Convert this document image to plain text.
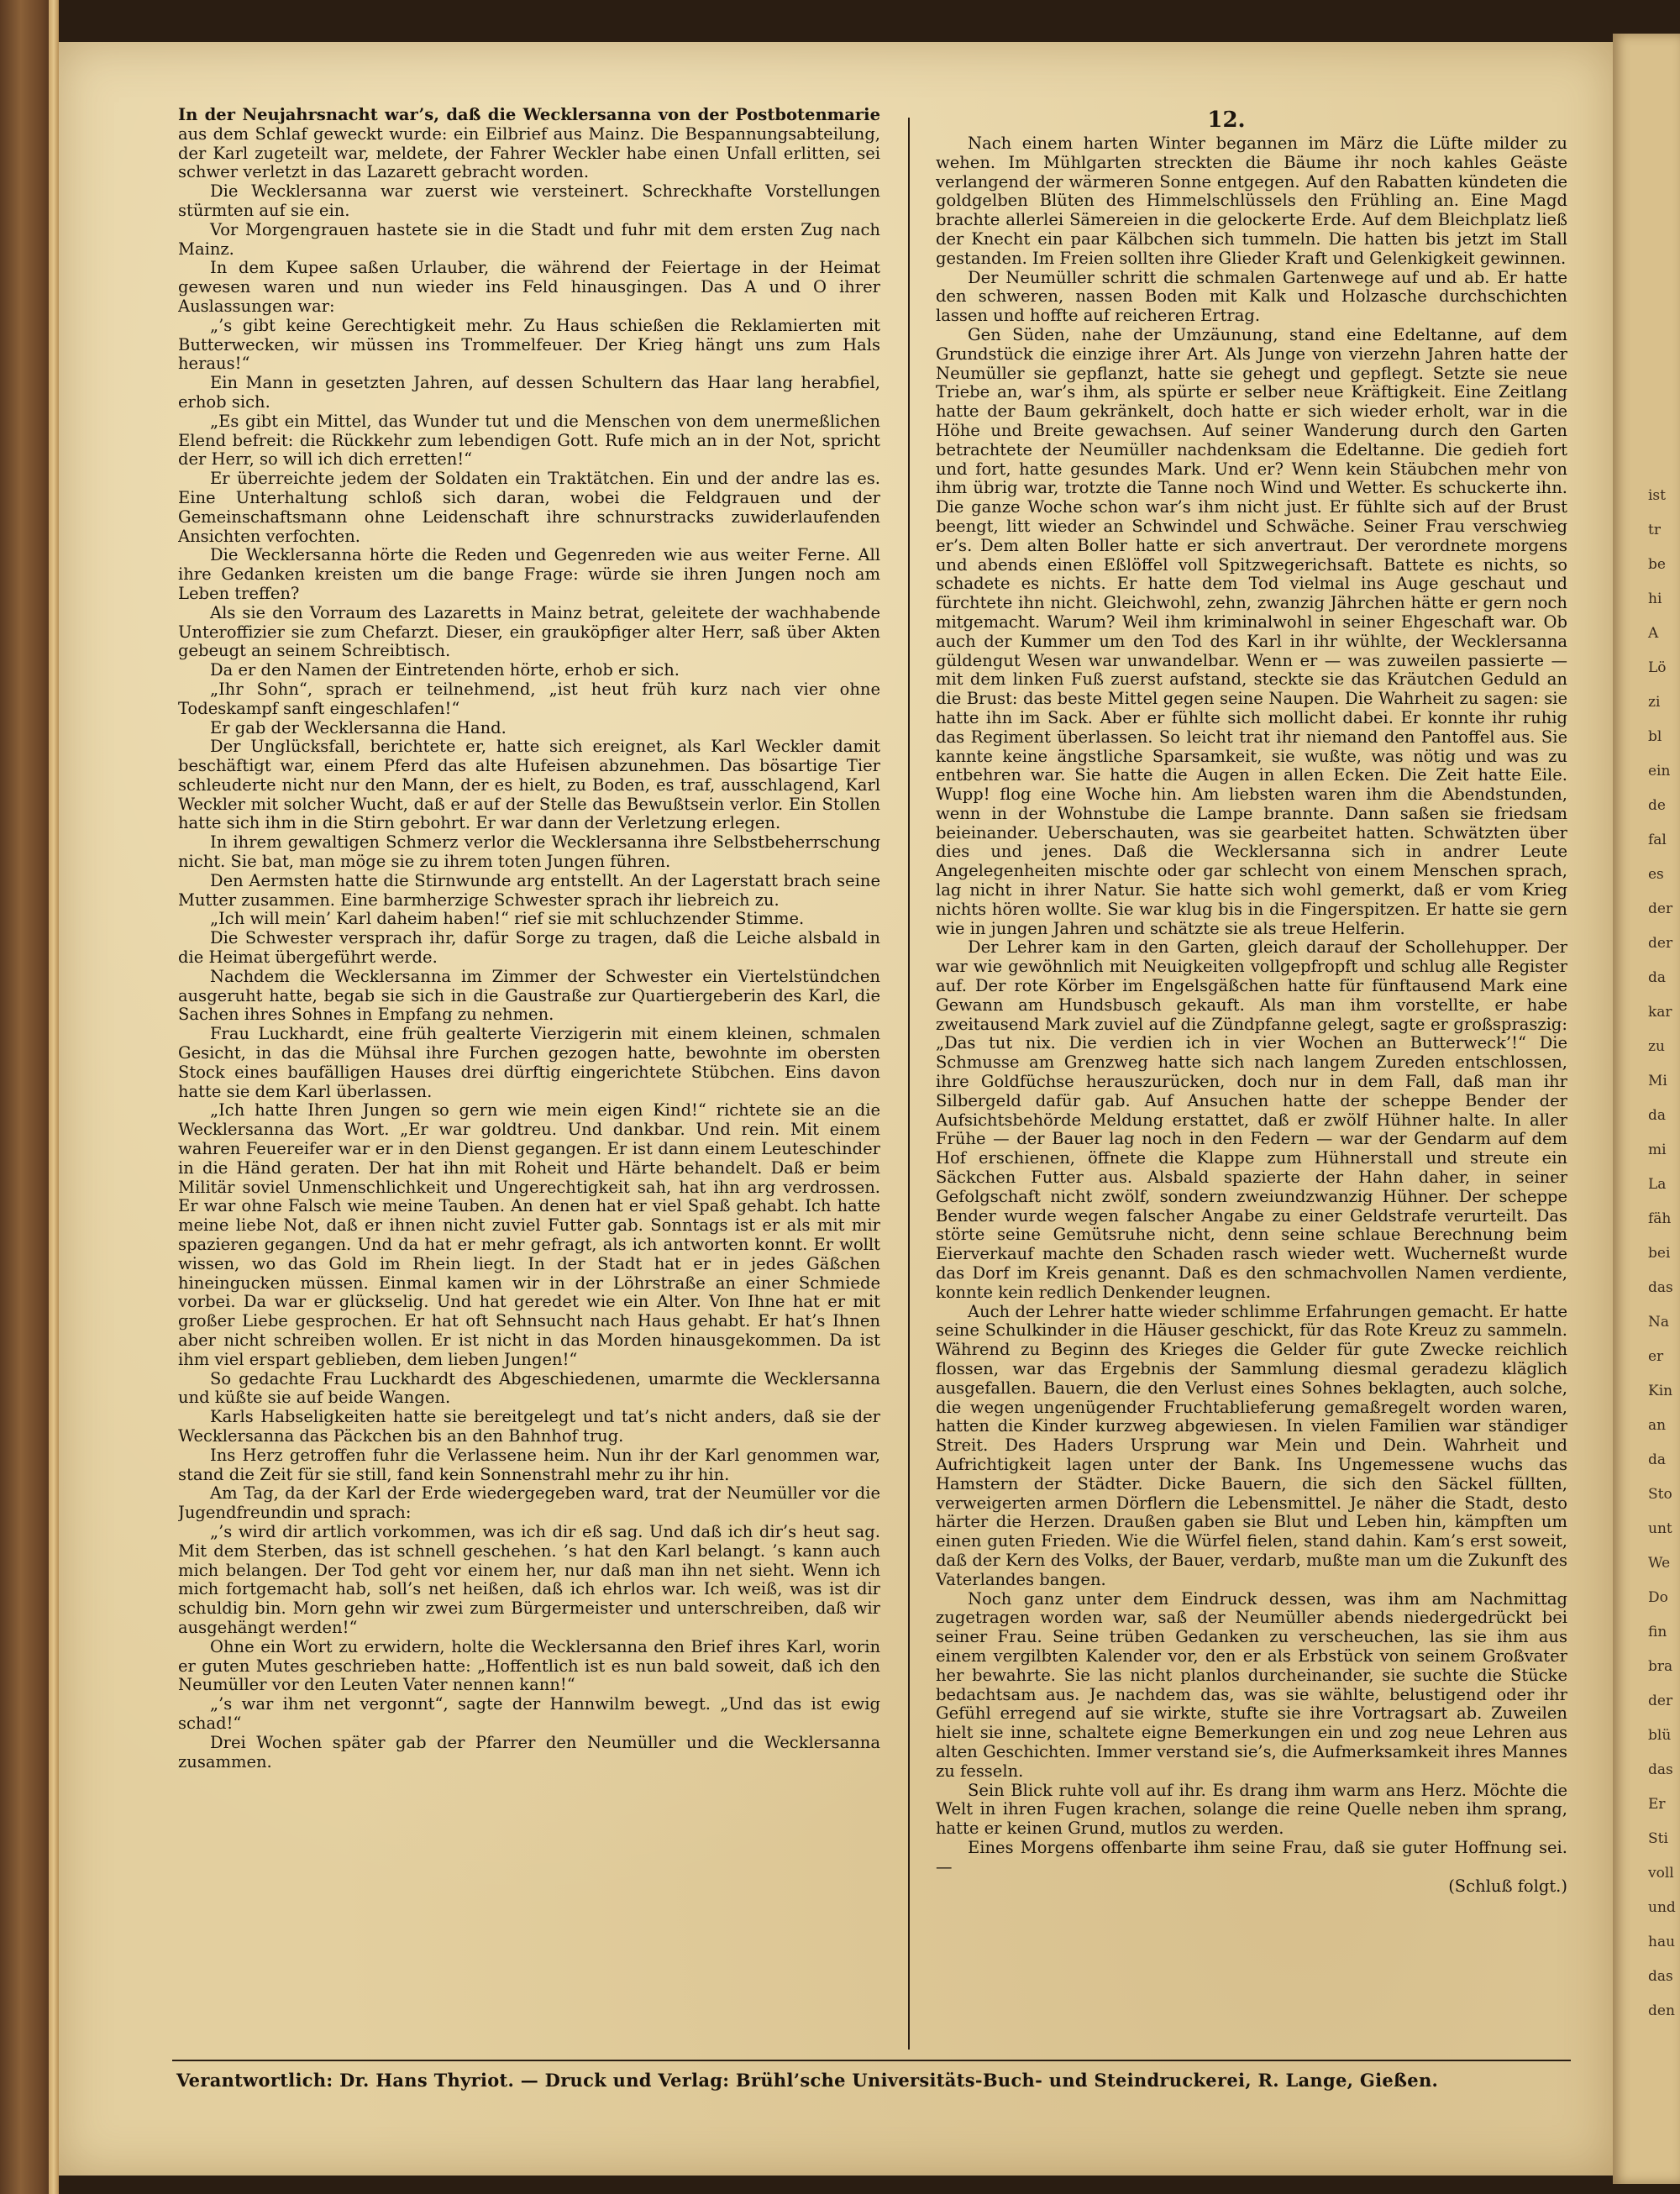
ist
tr
be
hi
A
Lö
zi
bl
ein
de
fal
es
der
der
da
kar
zu
Mi
da
mi
La
fäh
bei
das
Na
er
Kin
an
da
Sto
unt
We
Do
fin
bra
der
blü
das
Er
Sti
voll
und
hau
das
den
12.

In der Neujahrsnacht war’s, daß die Wecklersanna von der Postbotenmarie aus dem Schlaf geweckt wurde: ein Eilbrief aus Mainz. Die Bespannungsabteilung, der Karl zugeteilt war, meldete, der Fahrer Weckler habe einen Unfall erlitten, sei schwer verletzt in das Lazarett gebracht worden.

Die Wecklersanna war zuerst wie versteinert. Schreckhafte Vorstellungen stürmten auf sie ein.

Vor Morgengrauen hastete sie in die Stadt und fuhr mit dem ersten Zug nach Mainz.

In dem Kupee saßen Urlauber, die während der Feiertage in der Heimat gewesen waren und nun wieder ins Feld hinausgingen. Das A und O ihrer Auslassungen war:

„’s gibt keine Gerechtigkeit mehr. Zu Haus schießen die Reklamierten mit Butterwecken, wir müssen ins Trommelfeuer. Der Krieg hängt uns zum Hals heraus!“

Ein Mann in gesetzten Jahren, auf dessen Schultern das Haar lang herabfiel, erhob sich.

„Es gibt ein Mittel, das Wunder tut und die Menschen von dem unermeßlichen Elend befreit: die Rückkehr zum lebendigen Gott. Rufe mich an in der Not, spricht der Herr, so will ich dich erretten!“

Er überreichte jedem der Soldaten ein Traktätchen. Ein und der andre las es. Eine Unterhaltung schloß sich daran, wobei die Feldgrauen und der Gemeinschaftsmann ohne Leidenschaft ihre schnurstracks zuwiderlaufenden Ansichten verfochten.

Die Wecklersanna hörte die Reden und Gegenreden wie aus weiter Ferne. All ihre Gedanken kreisten um die bange Frage: würde sie ihren Jungen noch am Leben treffen?

Als sie den Vorraum des Lazaretts in Mainz betrat, geleitete der wachhabende Unteroffizier sie zum Chefarzt. Dieser, ein grauköpfiger alter Herr, saß über Akten gebeugt an seinem Schreibtisch.

Da er den Namen der Eintretenden hörte, erhob er sich.

„Ihr Sohn“, sprach er teilnehmend, „ist heut früh kurz nach vier ohne Todeskampf sanft eingeschlafen!“

Er gab der Wecklersanna die Hand.

Der Unglücksfall, berichtete er, hatte sich ereignet, als Karl Weckler damit beschäftigt war, einem Pferd das alte Hufeisen abzunehmen. Das bösartige Tier schleuderte nicht nur den Mann, der es hielt, zu Boden, es traf, ausschlagend, Karl Weckler mit solcher Wucht, daß er auf der Stelle das Bewußtsein verlor. Ein Stollen hatte sich ihm in die Stirn gebohrt. Er war dann der Verletzung erlegen.

In ihrem gewaltigen Schmerz verlor die Wecklersanna ihre Selbstbeherrschung nicht. Sie bat, man möge sie zu ihrem toten Jungen führen.

Den Aermsten hatte die Stirnwunde arg entstellt. An der Lagerstatt brach seine Mutter zusammen. Eine barmherzige Schwester sprach ihr liebreich zu.

„Ich will mein’ Karl daheim haben!“ rief sie mit schluchzender Stimme.

Die Schwester versprach ihr, dafür Sorge zu tragen, daß die Leiche alsbald in die Heimat übergeführt werde.

Nachdem die Wecklersanna im Zimmer der Schwester ein Viertelstündchen ausgeruht hatte, begab sie sich in die Gaustraße zur Quartiergeberin des Karl, die Sachen ihres Sohnes in Empfang zu nehmen.

Frau Luckhardt, eine früh gealterte Vierzigerin mit einem kleinen, schmalen Gesicht, in das die Mühsal ihre Furchen gezogen hatte, bewohnte im obersten Stock eines baufälligen Hauses drei dürftig eingerichtete Stübchen. Eins davon hatte sie dem Karl überlassen.

„Ich hatte Ihren Jungen so gern wie mein eigen Kind!“ richtete sie an die Wecklersanna das Wort. „Er war goldtreu. Und dankbar. Und rein. Mit einem wahren Feuereifer war er in den Dienst gegangen. Er ist dann einem Leuteschinder in die Händ geraten. Der hat ihn mit Roheit und Härte behandelt. Daß er beim Militär soviel Unmenschlichkeit und Ungerechtigkeit sah, hat ihn arg verdrossen. Er war ohne Falsch wie meine Tauben. An denen hat er viel Spaß gehabt. Ich hatte meine liebe Not, daß er ihnen nicht zuviel Futter gab. Sonntags ist er als mit mir spazieren gegangen. Und da hat er mehr gefragt, als ich antworten konnt. Er wollt wissen, wo das Gold im Rhein liegt. In der Stadt hat er in jedes Gäßchen hineingucken müssen. Einmal kamen wir in der Löhrstraße an einer Schmiede vorbei. Da war er glückselig. Und hat geredet wie ein Alter. Von Ihne hat er mit großer Liebe gesprochen. Er hat oft Sehnsucht nach Haus gehabt. Er hat’s Ihnen aber nicht schreiben wollen. Er ist nicht in das Morden hinausgekommen. Da ist ihm viel erspart geblieben, dem lieben Jungen!“

So gedachte Frau Luckhardt des Abgeschiedenen, umarmte die Wecklersanna und küßte sie auf beide Wangen.

Karls Habseligkeiten hatte sie bereitgelegt und tat’s nicht anders, daß sie der Wecklersanna das Päckchen bis an den Bahnhof trug.

Ins Herz getroffen fuhr die Verlassene heim. Nun ihr der Karl genommen war, stand die Zeit für sie still, fand kein Sonnenstrahl mehr zu ihr hin.

Am Tag, da der Karl der Erde wiedergegeben ward, trat der Neumüller vor die Jugendfreundin und sprach:

„’s wird dir artlich vorkommen, was ich dir eß sag. Und daß ich dir’s heut sag. Mit dem Sterben, das ist schnell geschehen. ’s hat den Karl belangt. ’s kann auch mich belangen. Der Tod geht vor einem her, nur daß man ihn net sieht. Wenn ich mich fortgemacht hab, soll’s net heißen, daß ich ehrlos war. Ich weiß, was ist dir schuldig bin. Morn gehn wir zwei zum Bürgermeister und unterschreiben, daß wir ausgehängt werden!“

Ohne ein Wort zu erwidern, holte die Wecklersanna den Brief ihres Karl, worin er guten Mutes geschrieben hatte: „Hoffentlich ist es nun bald soweit, daß ich den Neumüller vor den Leuten Vater nennen kann!“

„’s war ihm net vergonnt“, sagte der Hannwilm bewegt. „Und das ist ewig schad!“

Drei Wochen später gab der Pfarrer den Neumüller und die Wecklersanna zusammen.

Nach einem harten Winter begannen im März die Lüfte milder zu wehen. Im Mühlgarten streckten die Bäume ihr noch kahles Geäste verlangend der wärmeren Sonne entgegen. Auf den Rabatten kündeten die goldgelben Blüten des Himmelschlüssels den Frühling an. Eine Magd brachte allerlei Sämereien in die gelockerte Erde. Auf dem Bleichplatz ließ der Knecht ein paar Kälbchen sich tummeln. Die hatten bis jetzt im Stall gestanden. Im Freien sollten ihre Glieder Kraft und Gelenkigkeit gewinnen.

Der Neumüller schritt die schmalen Gartenwege auf und ab. Er hatte den schweren, nassen Boden mit Kalk und Holzasche durchschichten lassen und hoffte auf reicheren Ertrag.

Gen Süden, nahe der Umzäunung, stand eine Edeltanne, auf dem Grundstück die einzige ihrer Art. Als Junge von vierzehn Jahren hatte der Neumüller sie gepflanzt, hatte sie gehegt und gepflegt. Setzte sie neue Triebe an, war’s ihm, als spürte er selber neue Kräftigkeit. Eine Zeitlang hatte der Baum gekränkelt, doch hatte er sich wieder erholt, war in die Höhe und Breite gewachsen. Auf seiner Wanderung durch den Garten betrachtete der Neumüller nachdenksam die Edeltanne. Die gedieh fort und fort, hatte gesundes Mark. Und er? Wenn kein Stäubchen mehr von ihm übrig war, trotzte die Tanne noch Wind und Wetter. Es schuckerte ihn. Die ganze Woche schon war’s ihm nicht just. Er fühlte sich auf der Brust beengt, litt wieder an Schwindel und Schwäche. Seiner Frau verschwieg er’s. Dem alten Boller hatte er sich anvertraut. Der verordnete morgens und abends einen Eßlöffel voll Spitzwegerichsaft. Battete es nichts, so schadete es nichts. Er hatte dem Tod vielmal ins Auge geschaut und fürchtete ihn nicht. Gleichwohl, zehn, zwanzig Jährchen hätte er gern noch mitgemacht. Warum? Weil ihm kriminalwohl in seiner Ehgeschaft war. Ob auch der Kummer um den Tod des Karl in ihr wühlte, der Wecklersanna güldengut Wesen war unwandelbar. Wenn er — was zuweilen passierte — mit dem linken Fuß zuerst aufstand, steckte sie das Kräutchen Geduld an die Brust: das beste Mittel gegen seine Naupen. Die Wahrheit zu sagen: sie hatte ihn im Sack. Aber er fühlte sich mollicht dabei. Er konnte ihr ruhig das Regiment überlassen. So leicht trat ihr niemand den Pantoffel aus. Sie kannte keine ängstliche Sparsamkeit, sie wußte, was nötig und was zu entbehren war. Sie hatte die Augen in allen Ecken. Die Zeit hatte Eile. Wupp! flog eine Woche hin. Am liebsten waren ihm die Abendstunden, wenn in der Wohnstube die Lampe brannte. Dann saßen sie friedsam beieinander. Ueberschauten, was sie gearbeitet hatten. Schwätzten über dies und jenes. Daß die Wecklersanna sich in andrer Leute Angelegenheiten mischte oder gar schlecht von einem Menschen sprach, lag nicht in ihrer Natur. Sie hatte sich wohl gemerkt, daß er vom Krieg nichts hören wollte. Sie war klug bis in die Fingerspitzen. Er hatte sie gern wie in jungen Jahren und schätzte sie als treue Helferin.

Der Lehrer kam in den Garten, gleich darauf der Schollehupper. Der war wie gewöhnlich mit Neuigkeiten vollgepfropft und schlug alle Register auf. Der rote Körber im Engelsgäßchen hatte für fünftausend Mark eine Gewann am Hundsbusch gekauft. Als man ihm vorstellte, er habe zweitausend Mark zuviel auf die Zündpfanne gelegt, sagte er großspraszig: „Das tut nix. Die verdien ich in vier Wochen an Butterweck’!“ Die Schmusse am Grenzweg hatte sich nach langem Zureden entschlossen, ihre Goldfüchse herauszurücken, doch nur in dem Fall, daß man ihr Silbergeld dafür gab. Auf Ansuchen hatte der scheppe Bender der Aufsichtsbehörde Meldung erstattet, daß er zwölf Hühner halte. In aller Frühe — der Bauer lag noch in den Federn — war der Gendarm auf dem Hof erschienen, öffnete die Klappe zum Hühnerstall und streute ein Säckchen Futter aus. Alsbald spazierte der Hahn daher, in seiner Gefolgschaft nicht zwölf, sondern zweiundzwanzig Hühner. Der scheppe Bender wurde wegen falscher Angabe zu einer Geldstrafe verurteilt. Das störte seine Gemütsruhe nicht, denn seine schlaue Berechnung beim Eierverkauf machte den Schaden rasch wieder wett. Wucherneßt wurde das Dorf im Kreis genannt. Daß es den schmachvollen Namen verdiente, konnte kein redlich Denkender leugnen.

Auch der Lehrer hatte wieder schlimme Erfahrungen gemacht. Er hatte seine Schulkinder in die Häuser geschickt, für das Rote Kreuz zu sammeln. Während zu Beginn des Krieges die Gelder für gute Zwecke reichlich flossen, war das Ergebnis der Sammlung diesmal geradezu kläglich ausgefallen. Bauern, die den Verlust eines Sohnes beklagten, auch solche, die wegen ungenügender Fruchtablieferung gemaßregelt worden waren, hatten die Kinder kurzweg abgewiesen. In vielen Familien war ständiger Streit. Des Haders Ursprung war Mein und Dein. Wahrheit und Aufrichtigkeit lagen unter der Bank. Ins Ungemessene wuchs das Hamstern der Städter. Dicke Bauern, die sich den Säckel füllten, verweigerten armen Dörflern die Lebensmittel. Je näher die Stadt, desto härter die Herzen. Draußen gaben sie Blut und Leben hin, kämpften um einen guten Frieden. Wie die Würfel fielen, stand dahin. Kam’s erst soweit, daß der Kern des Volks, der Bauer, verdarb, mußte man um die Zukunft des Vaterlandes bangen.

Noch ganz unter dem Eindruck dessen, was ihm am Nachmittag zugetragen worden war, saß der Neumüller abends niedergedrückt bei seiner Frau. Seine trüben Gedanken zu verscheuchen, las sie ihm aus einem vergilbten Kalender vor, den er als Erbstück von seinem Großvater her bewahrte. Sie las nicht planlos durcheinander, sie suchte die Stücke bedachtsam aus. Je nachdem das, was sie wählte, belustigend oder ihr Gefühl erregend auf sie wirkte, stufte sie ihre Vortragsart ab. Zuweilen hielt sie inne, schaltete eigne Bemerkungen ein und zog neue Lehren aus alten Geschichten. Immer verstand sie’s, die Aufmerksamkeit ihres Mannes zu fesseln.

Sein Blick ruhte voll auf ihr. Es drang ihm warm ans Herz. Möchte die Welt in ihren Fugen krachen, solange die reine Quelle neben ihm sprang, hatte er keinen Grund, mutlos zu werden.

Eines Morgens offenbarte ihm seine Frau, daß sie guter Hoffnung sei. —

(Schluß folgt.)

Verantwortlich: Dr. Hans Thyriot. — Druck und Verlag: Brühl’sche Universitäts-Buch- und Steindruckerei, R. Lange, Gießen.
